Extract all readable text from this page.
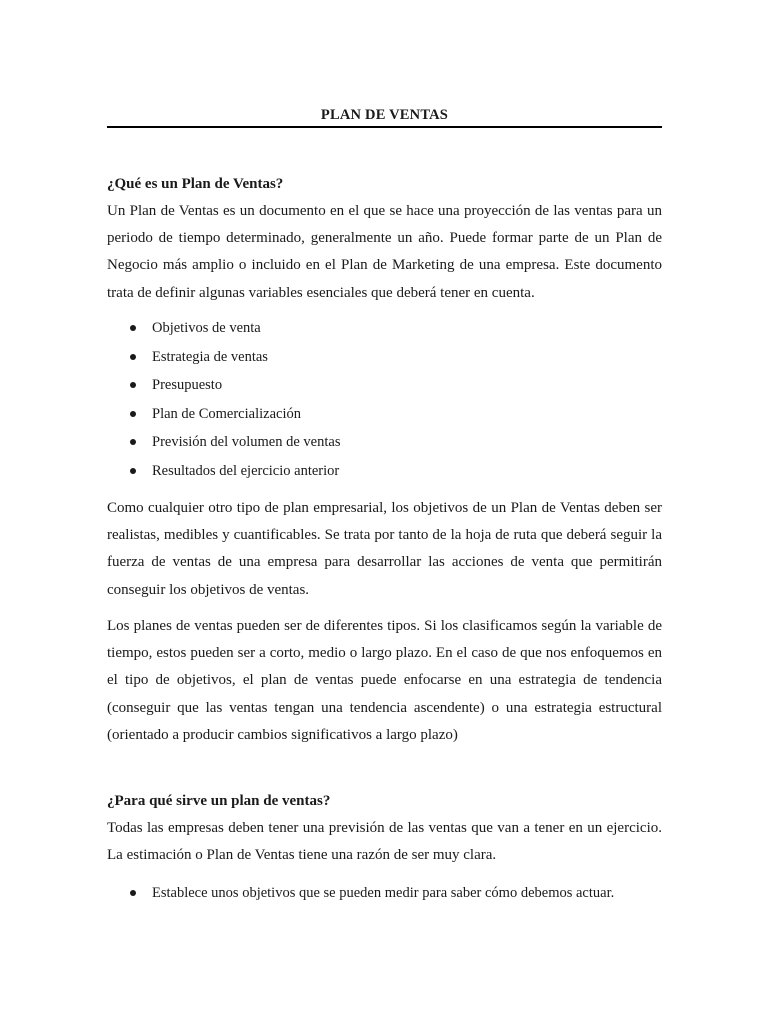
PLAN DE VENTAS
¿Qué es un Plan de Ventas?

Un Plan de Ventas es un documento en el que se hace una proyección de las ventas para un periodo de tiempo determinado, generalmente un año. Puede formar parte de un Plan de Negocio más amplio o incluido en el Plan de Marketing de una empresa. Este documento trata de definir algunas variables esenciales que deberá tener en cuenta.

Objetivos de venta
Estrategia de ventas
Presupuesto
Plan de Comercialización
Previsión del volumen de ventas
Resultados del ejercicio anterior

Como cualquier otro tipo de plan empresarial, los objetivos de un Plan de Ventas deben ser realistas, medibles y cuantificables. Se trata por tanto de la hoja de ruta que deberá seguir la fuerza de ventas de una empresa para desarrollar las acciones de venta que permitirán conseguir los objetivos de ventas.

Los planes de ventas pueden ser de diferentes tipos. Si los clasificamos según la variable de tiempo, estos pueden ser a corto, medio o largo plazo. En el caso de que nos enfoquemos en el tipo de objetivos, el plan de ventas puede enfocarse en una estrategia de tendencia (conseguir que las ventas tengan una tendencia ascendente) o una estrategia estructural (orientado a producir cambios significativos a largo plazo)

¿Para qué sirve un plan de ventas?

Todas las empresas deben tener una previsión de las ventas que van a tener en un ejercicio. La estimación o Plan de Ventas tiene una razón de ser muy clara.

Establece unos objetivos que se pueden medir para saber cómo debemos actuar.
